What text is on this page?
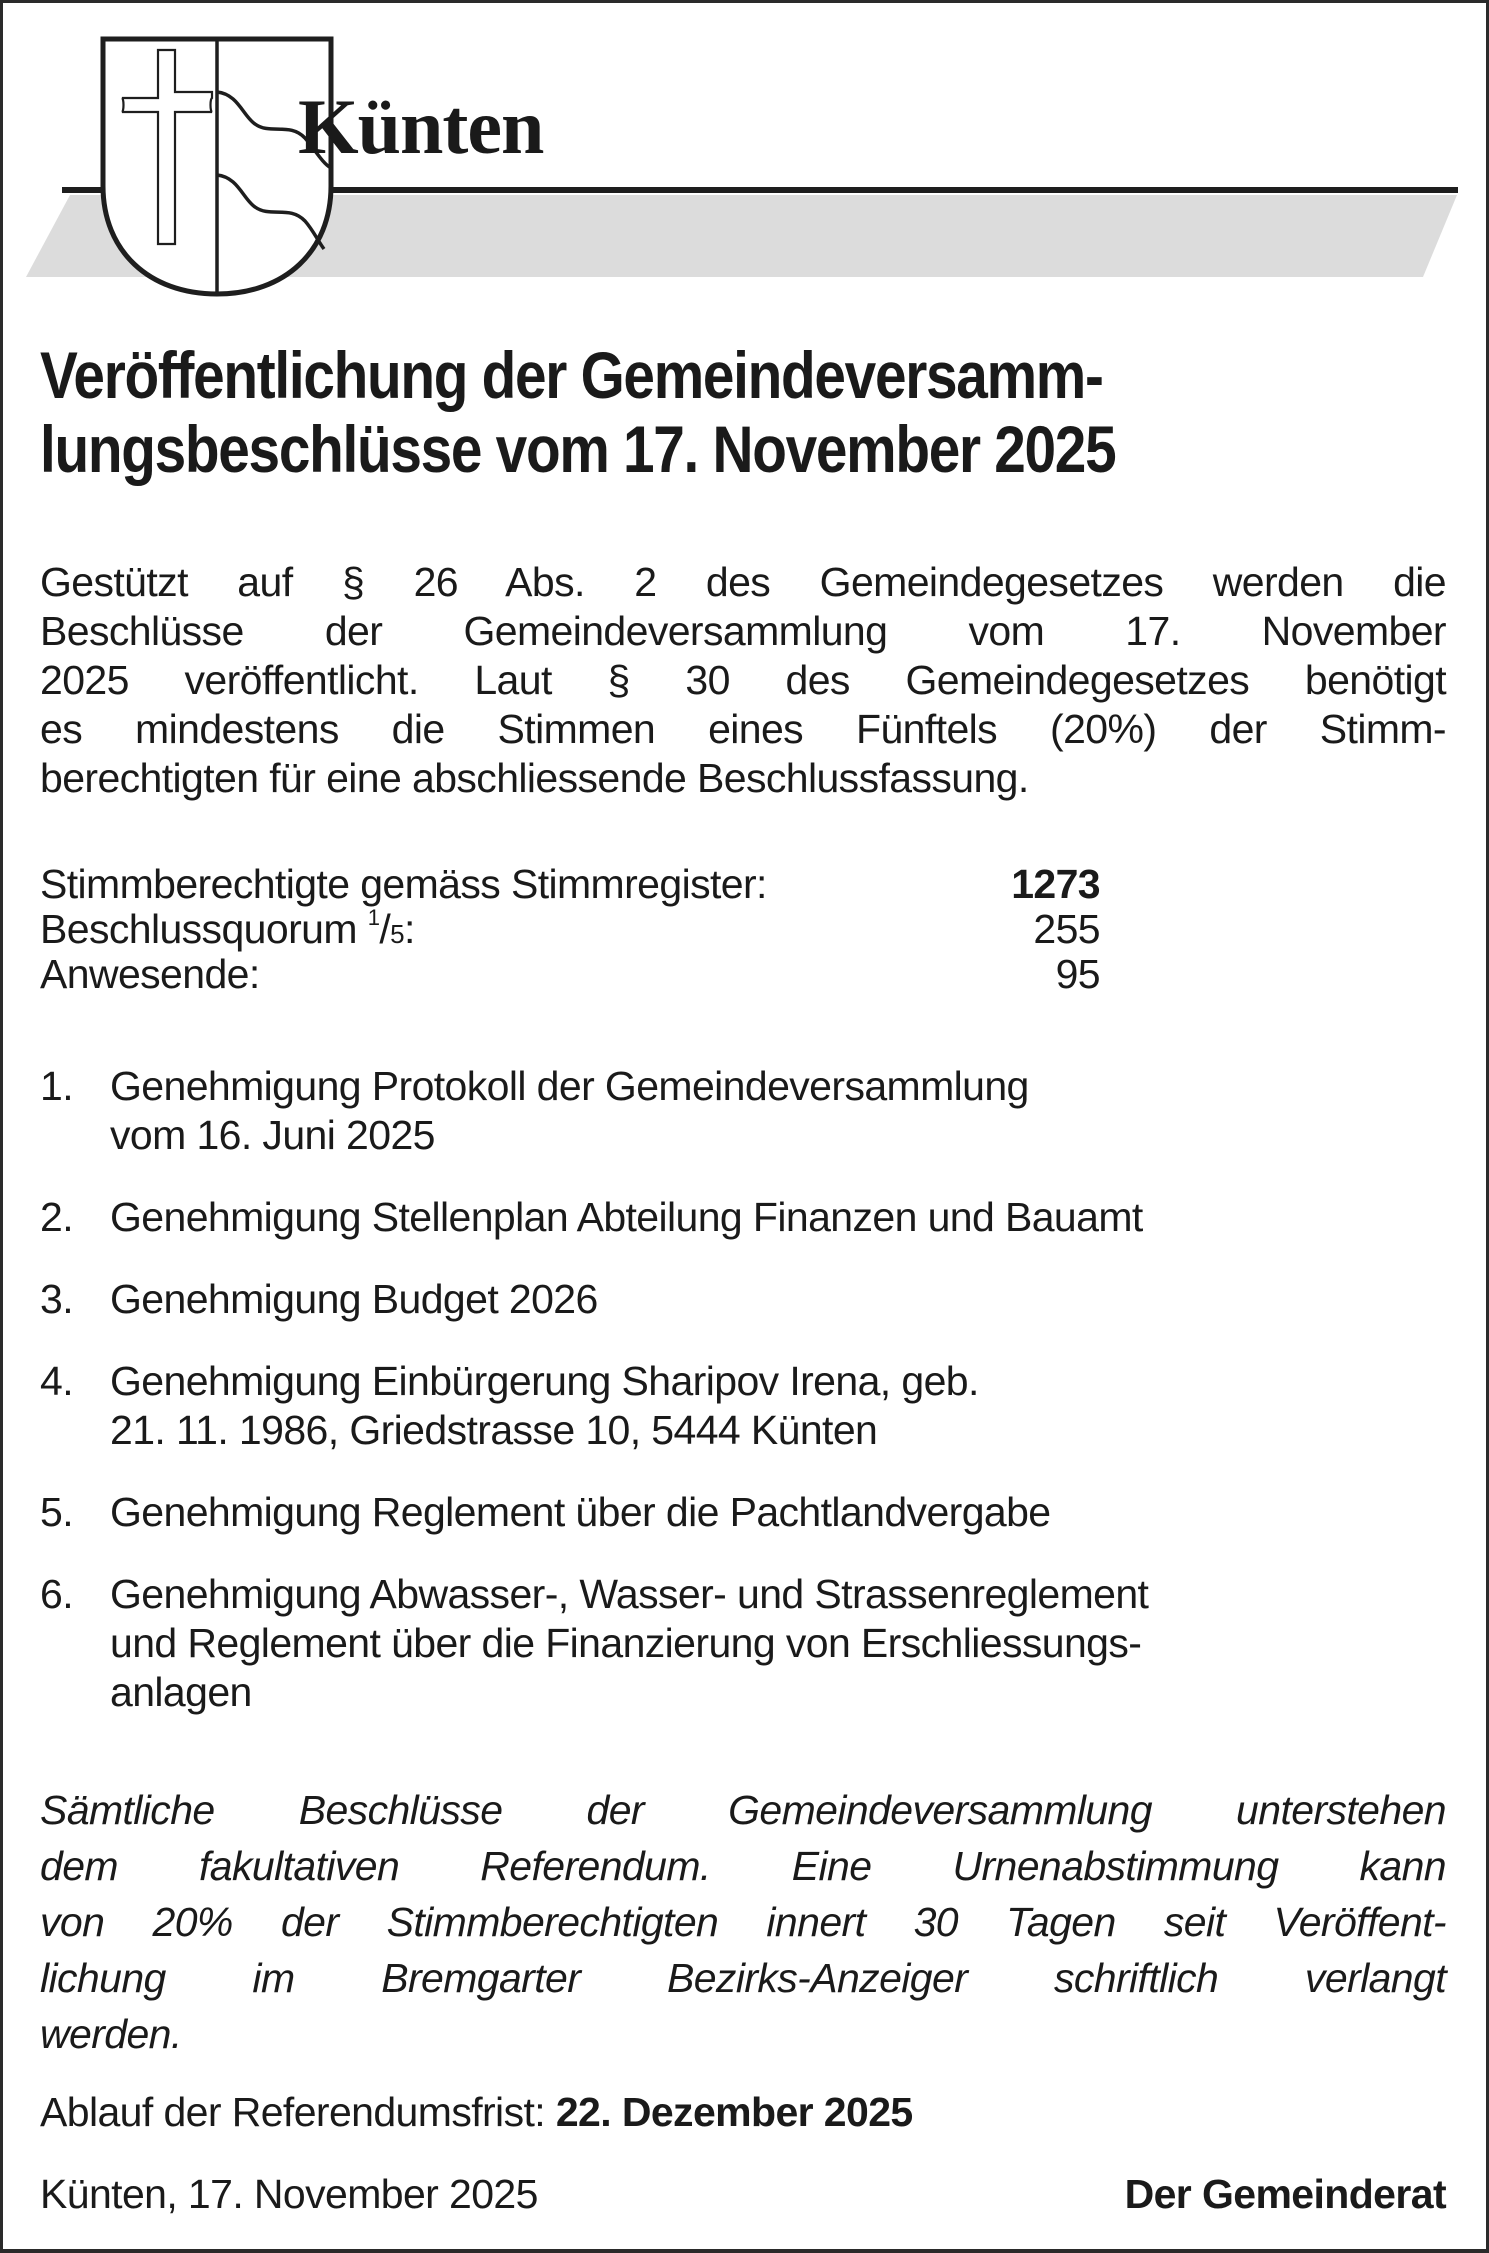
Künten
Veröffentlichung der Gemeindeversamm-
lungsbeschlüsse vom 17. November 2025
Gestützt auf § 26 Abs. 2 des Gemeindegesetzes werden die
Beschlüsse der Gemeindeversammlung vom 17. November
2025 veröffentlicht. Laut § 30 des Gemeindegesetzes benötigt
es mindestens die Stimmen eines Fünftels (20%) der Stimm-
berechtigten für eine abschliessende Beschlussfassung.
Stimmberechtigte gemäss Stimmregister:	1273
Beschlussquorum $^1$/5:	255
Anwesende:	95
1. Genehmigung Protokoll der Gemeindeversammlung
vom 16. Juni 2025
2. Genehmigung Stellenplan Abteilung Finanzen und Bauamt
3. Genehmigung Budget 2026
4. Genehmigung Einbürgerung Sharipov Irena, geb.
21. 11. 1986, Griedstrasse 10, 5444 Künten
5. Genehmigung Reglement über die Pachtlandvergabe
6. Genehmigung Abwasser-, Wasser- und Strassenreglement
und Reglement über die Finanzierung von Erschliessungs-
anlagen
Sämtliche Beschlüsse der Gemeindeversammlung unterstehen
dem fakultativen Referendum. Eine Urnenabstimmung kann
von 20% der Stimmberechtigten innert 30 Tagen seit Veröffent-
lichung im Bremgarter Bezirks-Anzeiger schriftlich verlangt
werden.
Ablauf der Referendumsfrist: 22. Dezember 2025
Künten, 17. November 2025	Der Gemeinderat
